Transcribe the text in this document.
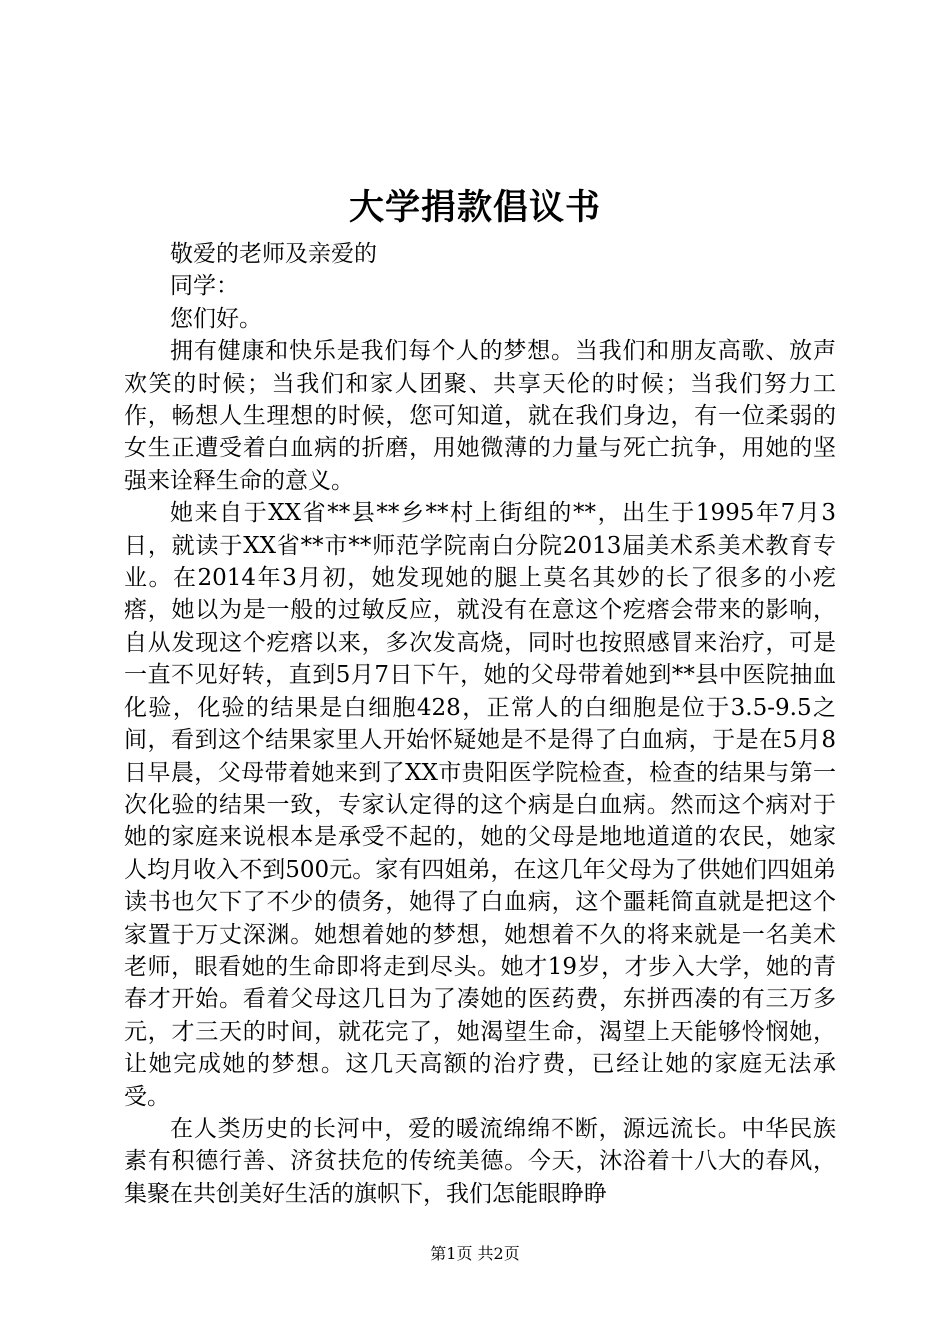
大学捐款倡议书

敬爱的老师及亲爱的

同学：

您们好。

拥有健康和快乐是我们每个人的梦想。当我们和朋友高歌、放声欢笑的时候；当我们和家人团聚、共享天伦的时候；当我们努力工作，畅想人生理想的时候，您可知道，就在我们身边，有一位柔弱的女生正遭受着白血病的折磨，用她微薄的力量与死亡抗争，用她的坚强来诠释生命的意义。

她来自于XX省**县**乡**村上街组的**，出生于1995年7月3日，就读于XX省**市**师范学院南白分院2013届美术系美术教育专业。在2014年3月初，她发现她的腿上莫名其妙的长了很多的小疙瘩，她以为是一般的过敏反应，就没有在意这个疙瘩会带来的影响，自从发现这个疙瘩以来，多次发高烧，同时也按照感冒来治疗，可是一直不见好转，直到5月7日下午，她的父母带着她到**县中医院抽血化验，化验的结果是白细胞428，正常人的白细胞是位于3.5-9.5之间，看到这个结果家里人开始怀疑她是不是得了白血病，于是在5月8日早晨，父母带着她来到了XX市贵阳医学院检查，检查的结果与第一次化验的结果一致，专家认定得的这个病是白血病。然而这个病对于她的家庭来说根本是承受不起的，她的父母是地地道道的农民，她家人均月收入不到500元。家有四姐弟，在这几年父母为了供她们四姐弟读书也欠下了不少的债务，她得了白血病，这个噩耗简直就是把这个家置于万丈深渊。她想着她的梦想，她想着不久的将来就是一名美术老师，眼看她的生命即将走到尽头。她才19岁，才步入大学，她的青春才开始。看着父母这几日为了凑她的医药费，东拼西凑的有三万多元，才三天的时间，就花完了，她渴望生命，渴望上天能够怜悯她，让她完成她的梦想。这几天高额的治疗费，已经让她的家庭无法承受。

在人类历史的长河中，爱的暖流绵绵不断，源远流长。中华民族素有积德行善、济贫扶危的传统美德。今天，沐浴着十八大的春风，集聚在共创美好生活的旗帜下，我们怎能眼睁睁

第1页 共2页
